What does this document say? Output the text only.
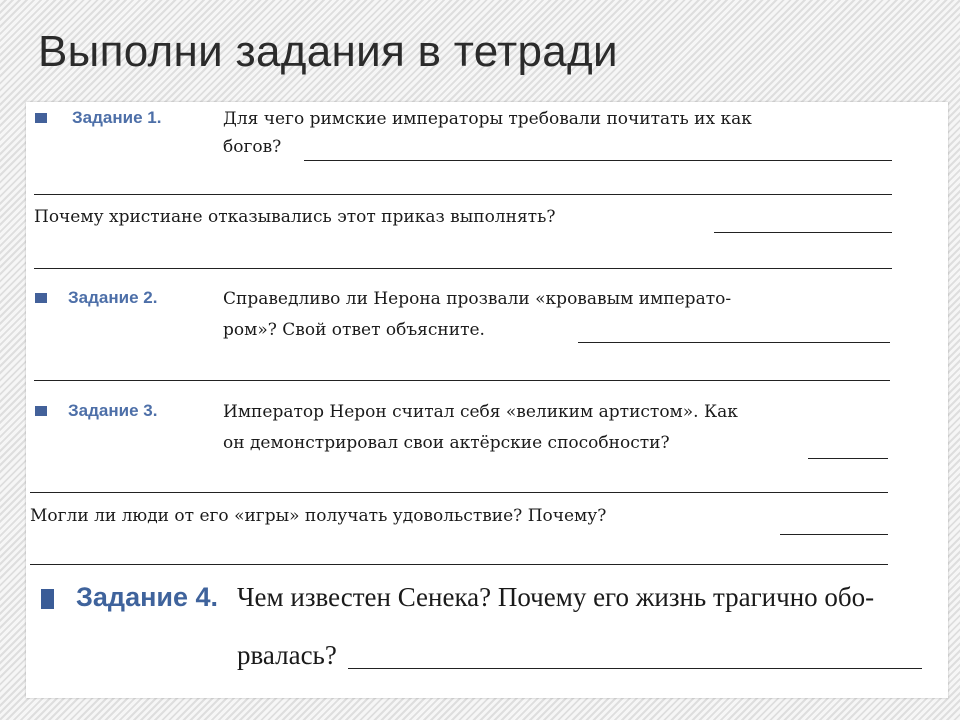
Выполни задания в тетради
Задание 1.	Для чего римские императоры требовали почитать их как
богов?
Почему христиане отказывались этот приказ выполнять?
Задание 2.	Справедливо ли Нерона прозвали «кровавым императо-
ром»? Свой ответ объясните.
Задание 3.	Император Нерон считал себя «великим артистом». Как
он демонстрировал свои актёрские способности?
Могли ли люди от его «игры» получать удовольствие? Почему?
Задание 4. Чем известен Сенека? Почему его жизнь трагично обо-
рвалась?
